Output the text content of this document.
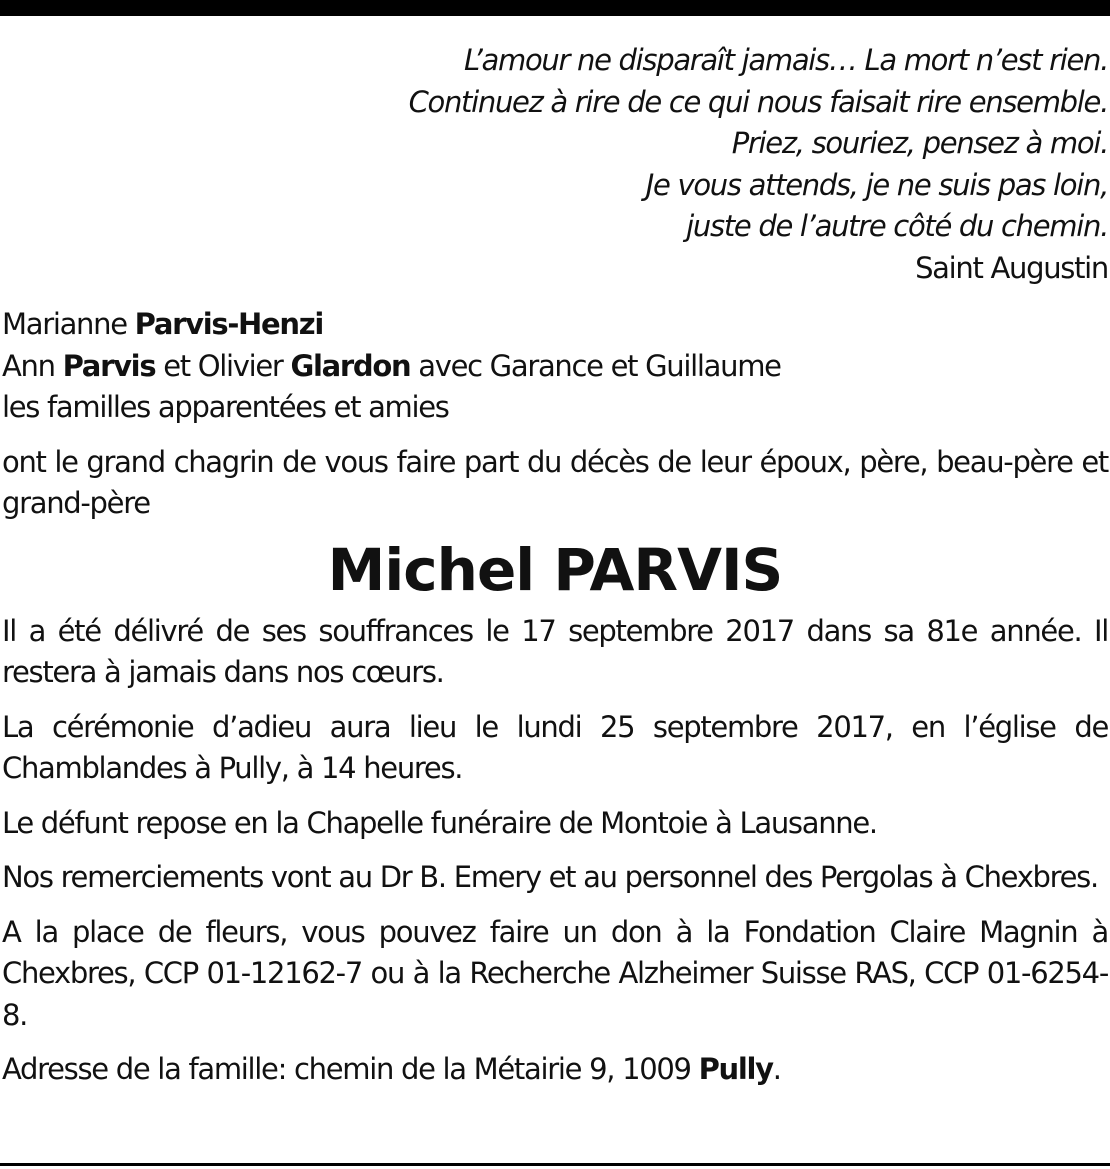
L’amour ne disparaît jamais… La mort n’est rien.
Continuez à rire de ce qui nous faisait rire ensemble.
Priez, souriez, pensez à moi.
Je vous attends, je ne suis pas loin,
juste de l’autre côté du chemin.
Saint Augustin
Marianne Parvis-Henzi
Ann Parvis et Olivier Glardon avec Garance et Guillaume
les familles apparentées et amies
ont le grand chagrin de vous faire part du décès de leur époux, père, beau-père et grand-père
Michel PARVIS
Il a été délivré de ses souffrances le 17 septembre 2017 dans sa 81e année. Il restera à jamais dans nos cœurs.
La cérémonie d’adieu aura lieu le lundi 25 septembre 2017, en l’église de Chamblandes à Pully, à 14 heures.
Le défunt repose en la Chapelle funéraire de Montoie à Lausanne.
Nos remerciements vont au Dr B. Emery et au personnel des Pergolas à Chexbres.
A la place de fleurs, vous pouvez faire un don à la Fondation Claire Magnin à Chexbres, CCP 01-12162-7 ou à la Recherche Alzheimer Suisse RAS, CCP 01-6254-8.
Adresse de la famille: chemin de la Métairie 9, 1009 Pully.
